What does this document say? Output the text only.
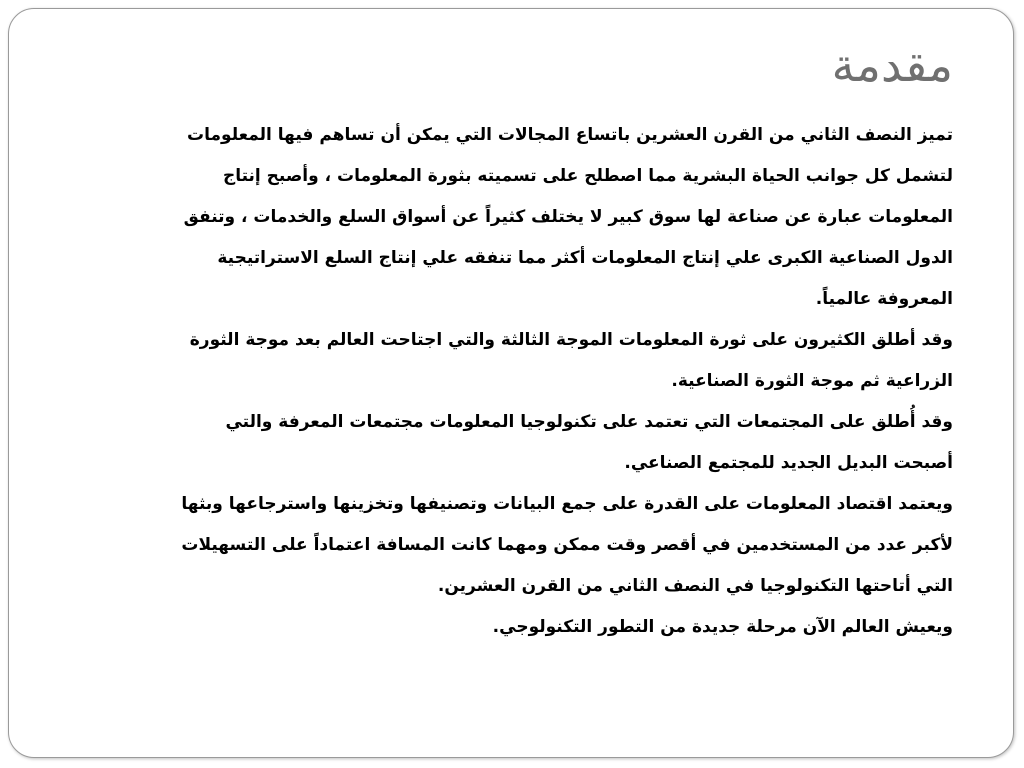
مقدمة

تميز النصف الثاني من القرن العشرين باتساع المجالات التي يمكن أن تساهم فيها المعلومات

لتشمل كل جوانب الحياة البشرية مما اصطلح على تسميته بثورة المعلومات ، وأصبح إنتاج

المعلومات عبارة عن صناعة لها سوق كبير لا يختلف كثيراً عن أسواق السلع والخدمات ، وتنفق

الدول الصناعية الكبرى علي إنتاج المعلومات أكثر مما تنفقه علي إنتاج السلع الاستراتيجية

المعروفة عالمياً.

وقد أطلق الكثيرون على ثورة المعلومات الموجة الثالثة والتي اجتاحت العالم بعد موجة الثورة

الزراعية ثم موجة الثورة الصناعية.

وقد أُطلق على المجتمعات التي تعتمد على تكنولوجيا المعلومات مجتمعات المعرفة والتي

أصبحت البديل الجديد للمجتمع الصناعي.

ويعتمد اقتصاد المعلومات على القدرة على جمع البيانات وتصنيفها وتخزينها واسترجاعها وبثها

لأكبر عدد من المستخدمين في أقصر وقت ممكن ومهما كانت المسافة اعتماداً على التسهيلات

التي أتاحتها التكنولوجيا في النصف الثاني من القرن العشرين.

ويعيش العالم الآن مرحلة جديدة من التطور التكنولوجي.
